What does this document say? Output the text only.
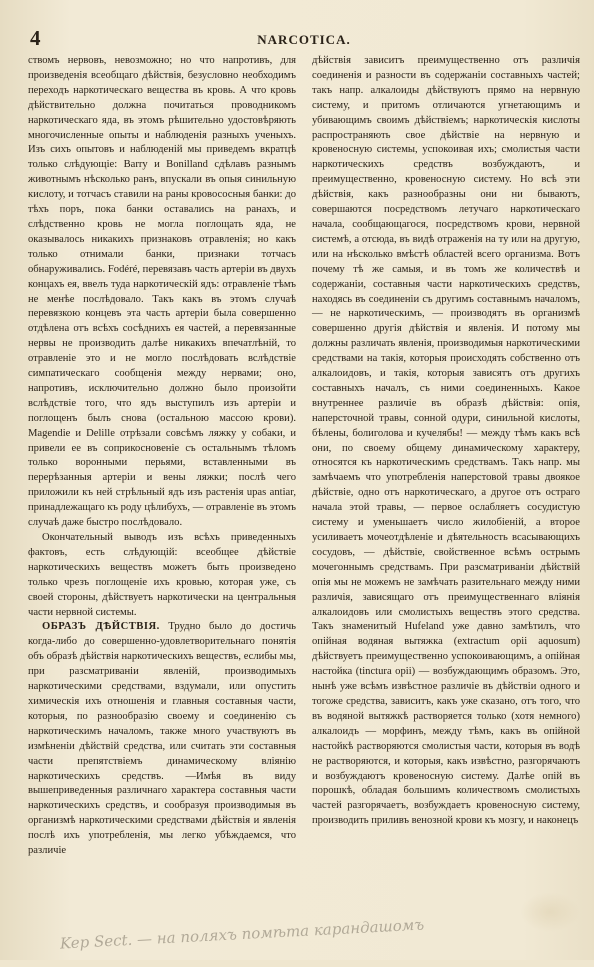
4	NARCOTICA.

ствомъ нервовъ, невозможно; но что напротивъ, для произведенія всеобщаго дѣйствія, безусловно необходимъ переходъ наркотическаго вещества въ кровь. А что кровь дѣйствительно должна почитаться проводникомъ наркотическаго яда, въ этомъ рѣшительно удостовѣряють многочисленные опыты и наблюденія разныхъ ученыхъ. Изъ сихъ опытовъ и наблюденій мы приведемъ вкратцѣ только слѣдующіе: Barry и Bonilland сдѣлавъ разнымъ животнымъ нѣсколько ранъ, впускали въ опыя синильную кислоту, и тотчасъ ставили на раны кровососныя банки: до тѣхъ поръ, пока банки оставались на ранахъ, и слѣдственно кровь не могла поглощать яда, не оказывалось никакихъ признаковъ отравленія; но какъ только отнимали банки, признаки тотчасъ обнаруживались. Fodéré, перевязавъ часть артеріи въ двухъ концахъ ея, ввелъ туда наркотическій ядъ: отравленіе тѣмъ не менѣе послѣдовало. Такъ какъ въ этомъ случаѣ перевязкою концевъ эта часть артеріи была совершенно отдѣлена отъ всѣхъ сосѣднихъ ея частей, а перевязанные нервы не производить далѣе никакихъ впечатлѣній, то отравленіе это и не могло послѣдовать вслѣдствіе симпатическаго сообщенія между нервами; оно, напротивъ, исключительно должно было произойти вслѣдствіе того, что ядъ выступилъ изъ артеріи и поглощенъ былъ снова (остальною массою крови). Magendie и Delille отрѣзали совсѣмъ ляжку у собаки, и привели ее въ соприкосновеніе съ остальнымъ тѣломъ только воронными перьями, вставленными въ перерѣзанныя артеріи и вены ляжки; послѣ чего приложили къ ней стрѣльный ядъ изъ растенія upas antiar, принадлежащаго къ роду цѣлибухъ, — отравленіе въ этомъ случаѣ даже быстро послѣдовало.

Окончательный выводъ изъ всѣхъ приведенныхъ фактовъ, есть слѣдующій: всеобщее дѣйствіе наркотическихъ веществъ можетъ быть произведено только чрезъ поглощеніе ихъ кровью, которая уже, съ своей стороны, дѣйствуетъ наркотически на центральныя части нервной системы.

ОБРАЗЪ ДѢЙСТВІЯ. Трудно было до достичь когда-либо до совершенно-удовлетворительнаго понятія объ образѣ дѣйствія наркотическихъ веществъ, еслибы мы, при разсматриваніи явленій, производимыхъ наркотическими средствами, вздумали, или опустить химическія ихъ отношенія и главныя составныя части, которыя, по разнообразію своему и соединенію съ наркотическимъ началомъ, также много участвуютъ въ измѣненіи дѣйствій средства, или считать эти составныя части препятствіемъ динамическому вліянію наркотическихъ средствъ. —Имѣя въ виду вышеприведенныя различнаго характера составныя части наркотическихъ средствъ, и сообразуя производимыя въ организмѣ наркотическими средствами дѣйствія и явленія послѣ ихъ употребленія, мы легко убѣждаемся, что различіе

дѣйствія зависитъ преимущественно отъ различія соединенія и разности въ содержаніи составныхъ частей; такъ напр. алкалоиды дѣйствуютъ прямо на нервную систему, и притомъ отличаются угнетающимъ и убивающимъ своимъ дѣйствіемъ; наркотическія кислоты распространяють свое дѣйствіе на нервную и кровеносную системы, успокоивая ихъ; смолистыя части наркотическихъ средствъ возбуждаютъ, и преимущественно, кровеносную систему. Но всѣ эти дѣйствія, какъ разнообразны они ни бываютъ, совершаются посредствомъ летучаго наркотическаго начала, сообщающагося, посредствомъ крови, нервной системѣ, а отсюда, въ видѣ отраженія на ту или на другую, или на нѣсколько вмѣстѣ областей всего организма. Вотъ почему тѣ же самыя, и въ томъ же количествѣ и содержаніи, составныя части наркотическихъ средствъ, находясь въ соединеніи съ другимъ составнымъ началомъ, — не наркотическимъ, — производятъ въ организмѣ совершенно другія дѣйствія и явленія. И потому мы должны различать явленія, производимыя наркотическими средствами на такія, которыя происходять собственно отъ алкалоидовъ, и такія, которыя зависятъ отъ другихъ составныхъ началъ, съ ними соединенныхъ. Какое внутреннее различіе въ образѣ дѣйствія: опія, наперсточной травы, сонной одури, синильной кислоты, бѣлены, болиголова и кучелябы! — между тѣмъ какъ всѣ они, по своему общему динамическому характеру, относятся къ наркотическимъ средствамъ. Такъ напр. мы замѣчаемъ что употребленія наперстовой травы двоякое дѣйствіе, одно отъ наркотическаго, а другое отъ остраго начала этой травы, — первое ослабляетъ сосудистую систему и уменьшаетъ число жилобіеній, а второе усиливаетъ мочеотдѣленіе и дѣятельность всасывающихъ сосудовъ, — дѣйствіе, свойственное всѣмъ острымъ мочегоннымъ средствамъ. При разсматриваніи дѣйствій опія мы не можемъ не замѣчать разительнаго между ними различія, зависящаго отъ преимущественнаго вліянія алкалоидовъ или смолистыхъ веществъ этого средства. Такъ знаменитый Hufeland уже давно замѣтилъ, что опійная водяная вытяжка (extractum opii aquosum) дѣйствуетъ преимущественно успокоивающимъ, а опійная настойка (tinctura opii) — возбуждающимъ образомъ. Это, нынѣ уже всѣмъ извѣстное различіе въ дѣйствіи одного и тогоже средства, зависитъ, какъ уже сказано, отъ того, что въ водяной вытяжкѣ растворяется только (хотя немного) алкалоидъ — морфинъ, между тѣмъ, какъ въ опійной настойкѣ растворяются смолистыя части, которыя въ водѣ не растворяются, и которыя, какъ извѣстно, разгорячаютъ и возбуждаютъ кровеносную систему. Далѣе опій въ порошкѣ, обладая большимъ количествомъ смолистыхъ частей разгорячаетъ, возбуждаетъ кровеносную систему, производить приливъ венозной крови къ мозгу, и наконецъ

Kep Sect. — на поляхъ помѣта карандашомъ
